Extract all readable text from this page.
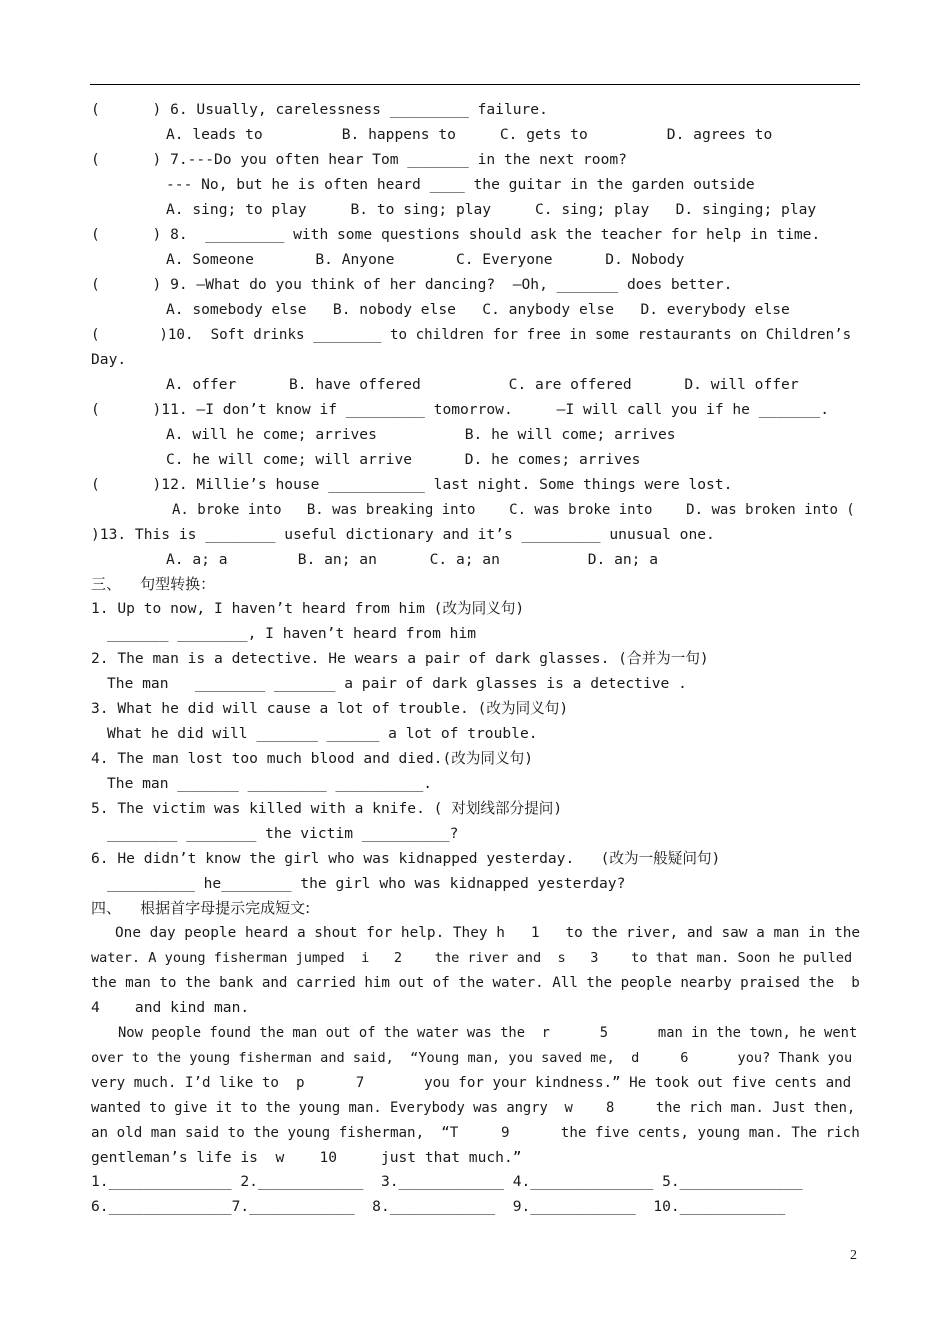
(      ) 6. Usually, carelessness _________ failure.
A. leads to         B. happens to     C. gets to         D. agrees to
(      ) 7.---Do you often hear Tom _______ in the next room?
--- No, but he is often heard ____ the guitar in the garden outside
A. sing; to play     B. to sing; play     C. sing; play   D. singing; play
(      ) 8.  _________ with some questions should ask the teacher for help in time.
A. Someone       B. Anyone       C. Everyone      D. Nobody
(      ) 9. —What do you think of her dancing?  —Oh, _______ does better.
A. somebody else   B. nobody else   C. anybody else   D. everybody else
(       )10.  Soft drinks ________ to children for free in some restaurants on Children’s
Day.
A. offer      B. have offered          C. are offered      D. will offer
(      )11. —I don’t know if _________ tomorrow.     —I will call you if he _______.
A. will he come; arrives          B. he will come; arrives
C. he will come; will arrive      D. he comes; arrives
(      )12. Millie’s house ___________ last night. Some things were lost.
A. broke into   B. was breaking into    C. was broke into    D. was broken into (
)13. This is ________ useful dictionary and it’s _________ unusual one.
A. a; a        B. an; an      C. a; an          D. an; a
三、    句型转换：
1. Up to now, I haven’t heard from him (改为同义句)
_______ ________, I haven’t heard from him
2. The man is a detective. He wears a pair of dark glasses. (合并为一句)
The man   ________ _______ a pair of dark glasses is a detective .
3. What he did will cause a lot of trouble. (改为同义句)
What he did will _______ ______ a lot of trouble.
4. The man lost too much blood and died.(改为同义句)
The man _______ _________ __________.
5. The victim was killed with a knife. ( 对划线部分提问)
________ ________ the victim __________?
6. He didn’t know the girl who was kidnapped yesterday.   (改为一般疑问句)
__________ he________ the girl who was kidnapped yesterday?
四、    根据首字母提示完成短文:
One day people heard a shout for help. They h   1   to the river, and saw a man in the
water. A young fisherman jumped  i   2    the river and  s   3    to that man. Soon he pulled
the man to the bank and carried him out of the water. All the people nearby praised the  b
4    and kind man.
Now people found the man out of the water was the  r      5      man in the town, he went
over to the young fisherman and said,  “Young man, you saved me,  d     6      you? Thank you
very much. I’d like to  p      7       you for your kindness.” He took out five cents and
wanted to give it to the young man. Everybody was angry  w    8     the rich man. Just then,
an old man said to the young fisherman,  “T     9      the five cents, young man. The rich
gentleman’s life is  w    10     just that much.”
1.______________ 2.____________  3.____________ 4.______________ 5.______________
6.______________7.____________  8.____________  9.____________  10.____________
2
